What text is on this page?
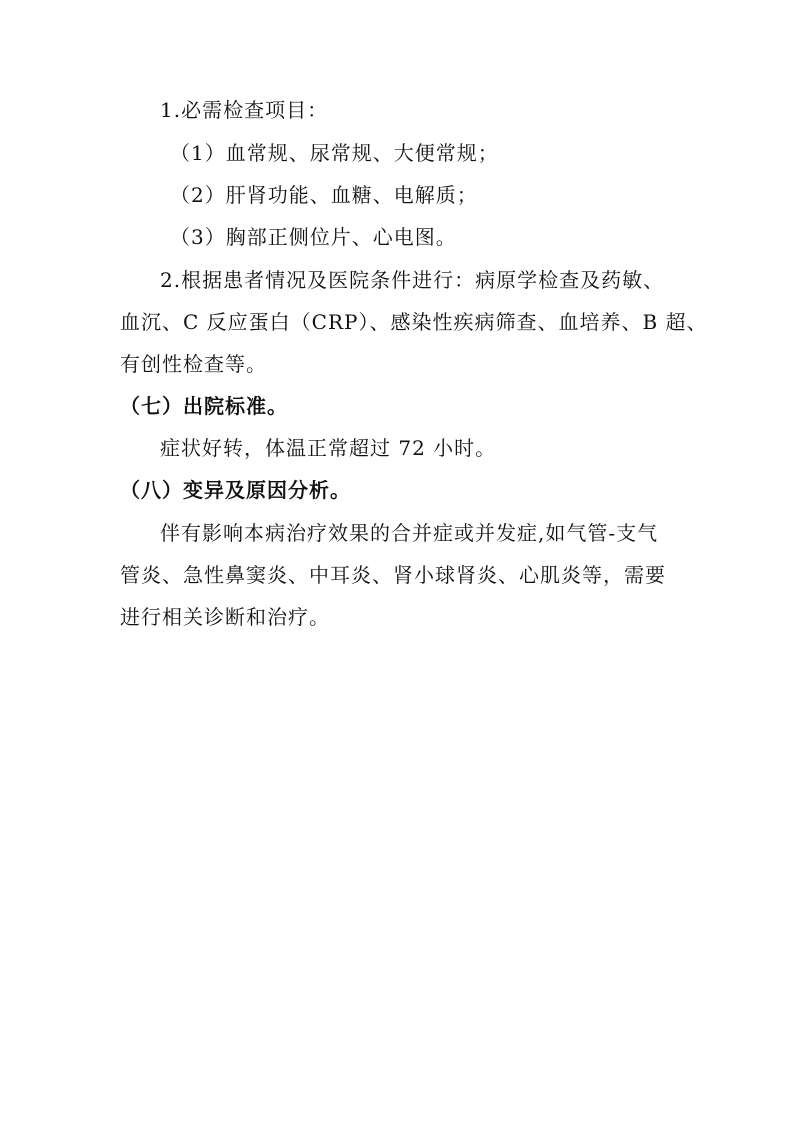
1.必需检查项目：
（1）血常规、尿常规、大便常规；
（2）肝肾功能、血糖、电解质；
（3）胸部正侧位片、心电图。
2.根据患者情况及医院条件进行：病原学检查及药敏、
血沉、C 反应蛋白（CRP）、感染性疾病筛查、血培养、B 超、
有创性检查等。
（七）出院标准。
症状好转，体温正常超过 72 小时。
（八）变异及原因分析。
伴有影响本病治疗效果的合并症或并发症,如气管-支气
管炎、急性鼻窦炎、中耳炎、肾小球肾炎、心肌炎等，需要
进行相关诊断和治疗。
